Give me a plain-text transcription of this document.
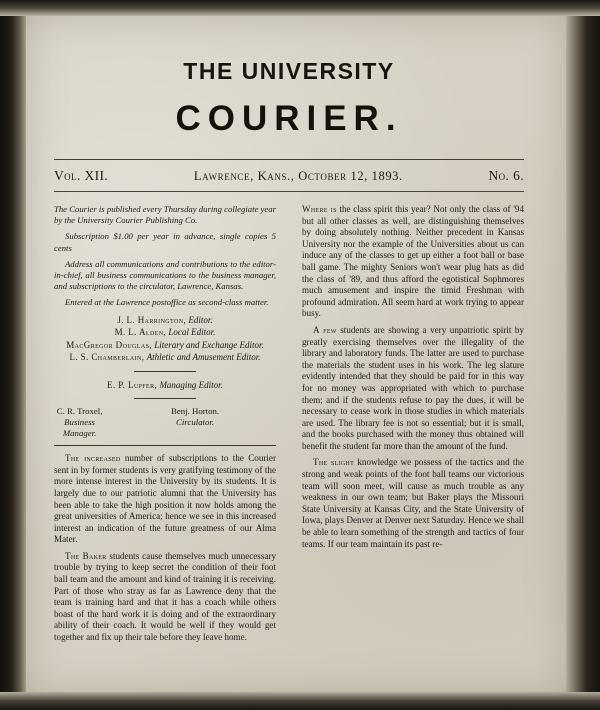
THE UNIVERSITY
COURIER.
Vol. XII.	Lawrence, Kans., October 12, 1893.	No. 6.

The Courier is published every Thursday during collegiate year by the University Courier Publishing Co.

Subscription $1.00 per year in advance, single copies 5 cents

Address all communications and contributions to the editor-in-chief, all business communications to the business manager, and subscriptions to the circulator, Lawrence, Kansas.

Entered at the Lawrence postoffice as second-class matter.

J. L. Harrington, Editor.
M. L. Alden, Local Editor.
MacGregor Douglas, Literary and Exchange Editor.
L. S. Chamberlain, Athletic and Amusement Editor.
E. P. Lupfer, Managing Editor.
C. R. Troxel,
Business Manager.
Benj. Horton.
Circulator.

The increased number of subscriptions to the Courier sent in by former students is very gratifying testimony of the more intense interest in the University by its students. It is largely due to our patriotic alumni that the University has been able to take the high position it now holds among the great universities of America; hence we see in this increased interest an indication of the future greatness of our Alma Mater.

The Baker students cause themselves much unnecessary trouble by trying to keep secret the condition of their foot ball team and the amount and kind of training it is receiving. Part of those who stray as far as Lawrence deny that the team is training hard and that it has a coach while others boast of the hard work it is doing and of the extraordinary ability of their coach. It would be well if they would get together and fix up their tale before they leave home.

Where is the class spirit this year? Not only the class of '94 but all other classes as well, are distinguishing themselves by doing absolutely nothing. Neither precedent in Kansas University nor the example of the Universities about us can induce any of the classes to get up either a foot ball or base ball game. The mighty Seniors won't wear plug hats as did the class of '89, and thus afford the egotistical Sophmores much amusement and inspire the timid Freshman with profound admiration. All seem hard at work trying to appear busy.

A few students are showing a very unpatriotic spirit by greatly exercising themselves over the illegality of the library and laboratory funds. The latter are used to purchase the materials the student uses in his work. The leg slature evidently intended that they should be paid for in this way for no money was appropriated with which to purchase them; and if the students refuse to pay the dues, it will be necessary to cease work in those studies in which materials are used. The library fee is not so essential; but it is small, and the books purchased with the money thus obtained will benefit the student far more than the amount of the fund.

The slight knowledge we possess of the tactics and the strong and weak points of the foot ball teams our victorious team will soon meet, will cause as much trouble as any weakness in our own team; but Baker plays the Missouri State University at Kansas City, and the State University of Iowa, plays Denver at Denver next Saturday. Hence we shall be able to learn something of the strength and tactics of four teams. If our team maintain its past re-
